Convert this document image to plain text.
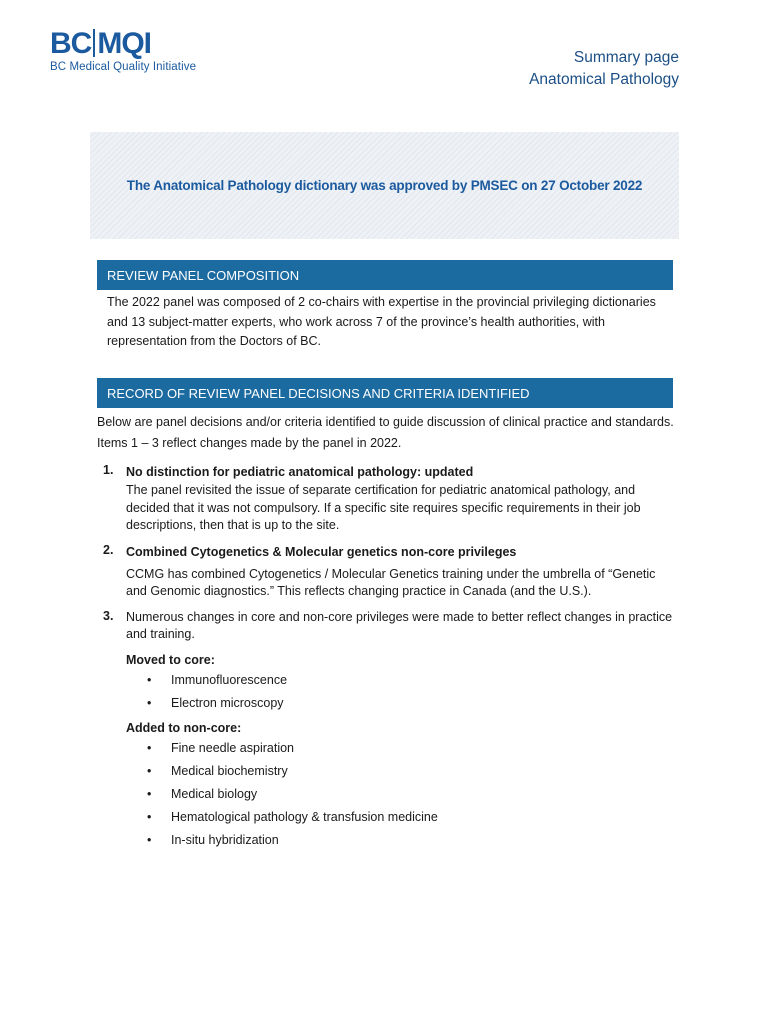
BC MQI
BC Medical Quality Initiative
Summary page
Anatomical Pathology
The Anatomical Pathology dictionary was approved by PMSEC on 27 October 2022
REVIEW PANEL COMPOSITION
The 2022 panel was composed of 2 co-chairs with expertise in the provincial privileging dictionaries and 13 subject-matter experts, who work across 7 of the province’s health authorities, with representation from the Doctors of BC.
RECORD OF REVIEW PANEL DECISIONS AND CRITERIA IDENTIFIED
Below are panel decisions and/or criteria identified to guide discussion of clinical practice and standards. Items 1 – 3 reflect changes made by the panel in 2022.
1. No distinction for pediatric anatomical pathology: updated
The panel revisited the issue of separate certification for pediatric anatomical pathology, and decided that it was not compulsory. If a specific site requires specific requirements in their job descriptions, then that is up to the site.
2. Combined Cytogenetics & Molecular genetics non-core privileges
CCMG has combined Cytogenetics / Molecular Genetics training under the umbrella of “Genetic and Genomic diagnostics.” This reflects changing practice in Canada (and the U.S.).
3. Numerous changes in core and non-core privileges were made to better reflect changes in practice and training.
Moved to core:
• Immunofluorescence
• Electron microscopy
Added to non-core:
• Fine needle aspiration
• Medical biochemistry
• Medical biology
• Hematological pathology & transfusion medicine
• In-situ hybridization
